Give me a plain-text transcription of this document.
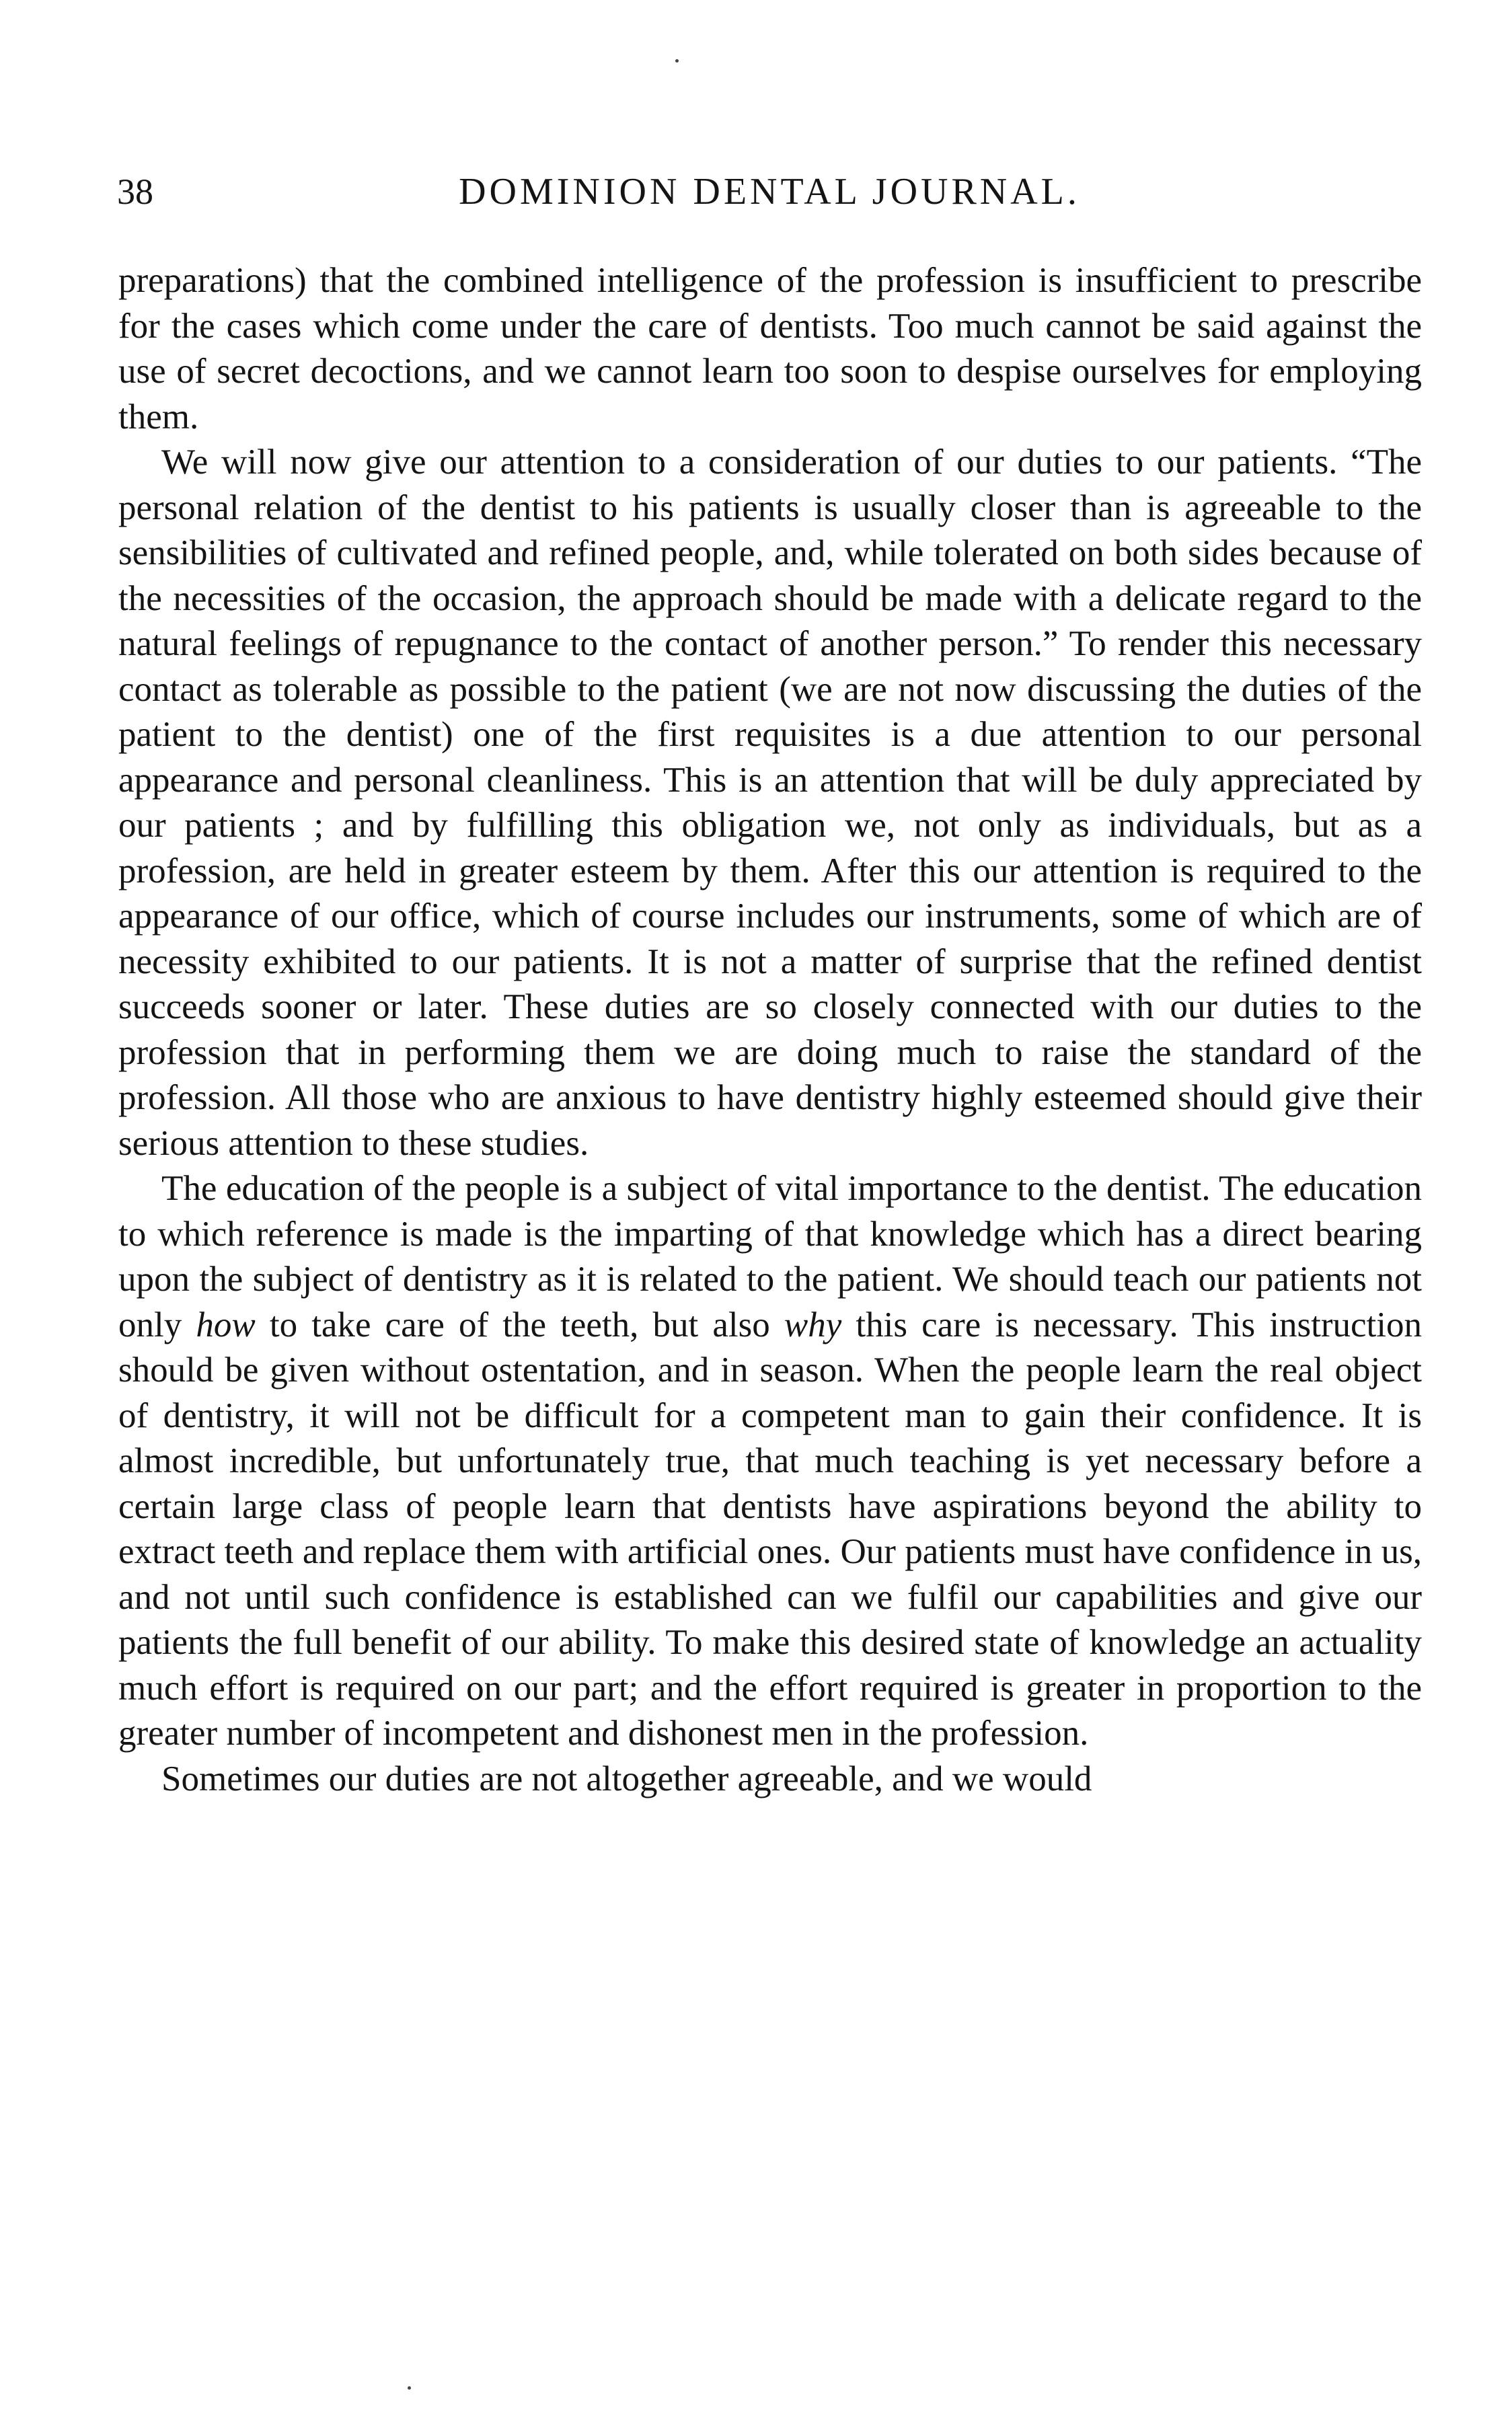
38	DOMINION DENTAL JOURNAL.

preparations) that the combined intelligence of the profession is insufficient to prescribe for the cases which come under the care of dentists. Too much cannot be said against the use of secret decoctions, and we cannot learn too soon to despise ourselves for employing them.

We will now give our attention to a consideration of our duties to our patients. “The personal relation of the dentist to his patients is usually closer than is agreeable to the sensibilities of cultivated and refined people, and, while tolerated on both sides because of the necessities of the occasion, the approach should be made with a delicate regard to the natural feelings of repugnance to the contact of another person.” To render this necessary contact as tolerable as possible to the patient (we are not now discussing the duties of the patient to the dentist) one of the first requisites is a due attention to our personal appearance and personal cleanliness. This is an attention that will be duly appreciated by our patients ; and by fulfilling this obligation we, not only as individuals, but as a profession, are held in greater esteem by them. After this our attention is required to the appearance of our office, which of course includes our instruments, some of which are of necessity exhibited to our patients. It is not a matter of surprise that the refined dentist succeeds sooner or later. These duties are so closely connected with our duties to the profession that in performing them we are doing much to raise the standard of the profession. All those who are anxious to have dentistry highly esteemed should give their serious attention to these studies.

The education of the people is a subject of vital importance to the dentist. The education to which reference is made is the imparting of that knowledge which has a direct bearing upon the subject of dentistry as it is related to the patient. We should teach our patients not only how to take care of the teeth, but also why this care is necessary. This instruction should be given without ostentation, and in season. When the people learn the real object of dentistry, it will not be difficult for a competent man to gain their confidence. It is almost incredible, but unfortunately true, that much teaching is yet necessary before a certain large class of people learn that dentists have aspirations beyond the ability to extract teeth and replace them with artificial ones. Our patients must have confidence in us, and not until such confidence is established can we fulfil our capabilities and give our patients the full benefit of our ability. To make this desired state of knowledge an actuality much effort is required on our part; and the effort required is greater in proportion to the greater number of incompetent and dishonest men in the profession.

Sometimes our duties are not altogether agreeable, and we would
